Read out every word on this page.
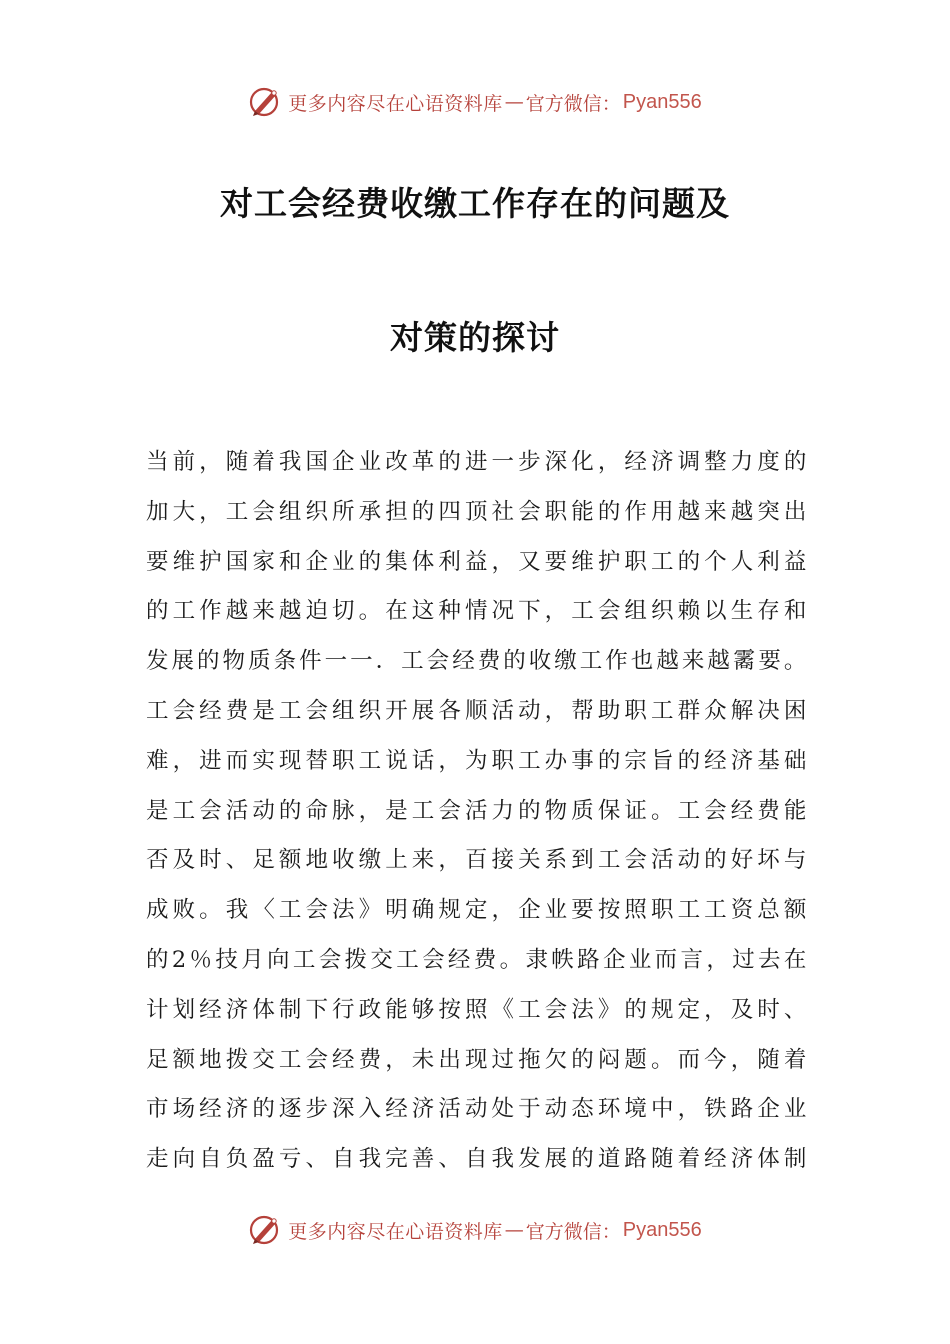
更多内容尽在心语资料库 — 官方微信： Pyan556
对工会经费收缴工作存在的问题及
对策的探讨
当前，随着我国企业改革的进一步深化，经济调整力度的
加大，工会组织所承担的四顶社会职能的作用越来越突出
要维护国家和企业的集体利益，又要维护职工的个人利益
的工作越来越迫切。在这种情况下，工会组织赖以生存和
发展的物质条件一一．工会经费的收缴工作也越来越霱要。
工会经费是工会组织开展各顺活动，帮助职工群众解决困
难，进而实现替职工说话，为职工办事的宗旨的经济基础
是工会活动的命脉，是工会活力的物质保证。工会经费能
否及时、足额地收缴上来，百接关系到工会活动的好坏与
成败。我〈工会法》明确规定，企业要按照职工工资总额
的2％技月向工会拨交工会经费。隶帙路企业而言，过去在
计划经济体制下行政能够按照《工会法》的规定，及时、
足额地拨交工会经费，未出现过拖欠的闷题。而今，随着
市场经济的逐步深入经济活动处于动态环境中，铁路企业
走向自负盈亏、自我完善、自我发展的道路随着经济体制
更多内容尽在心语资料库 — 官方微信： Pyan556
